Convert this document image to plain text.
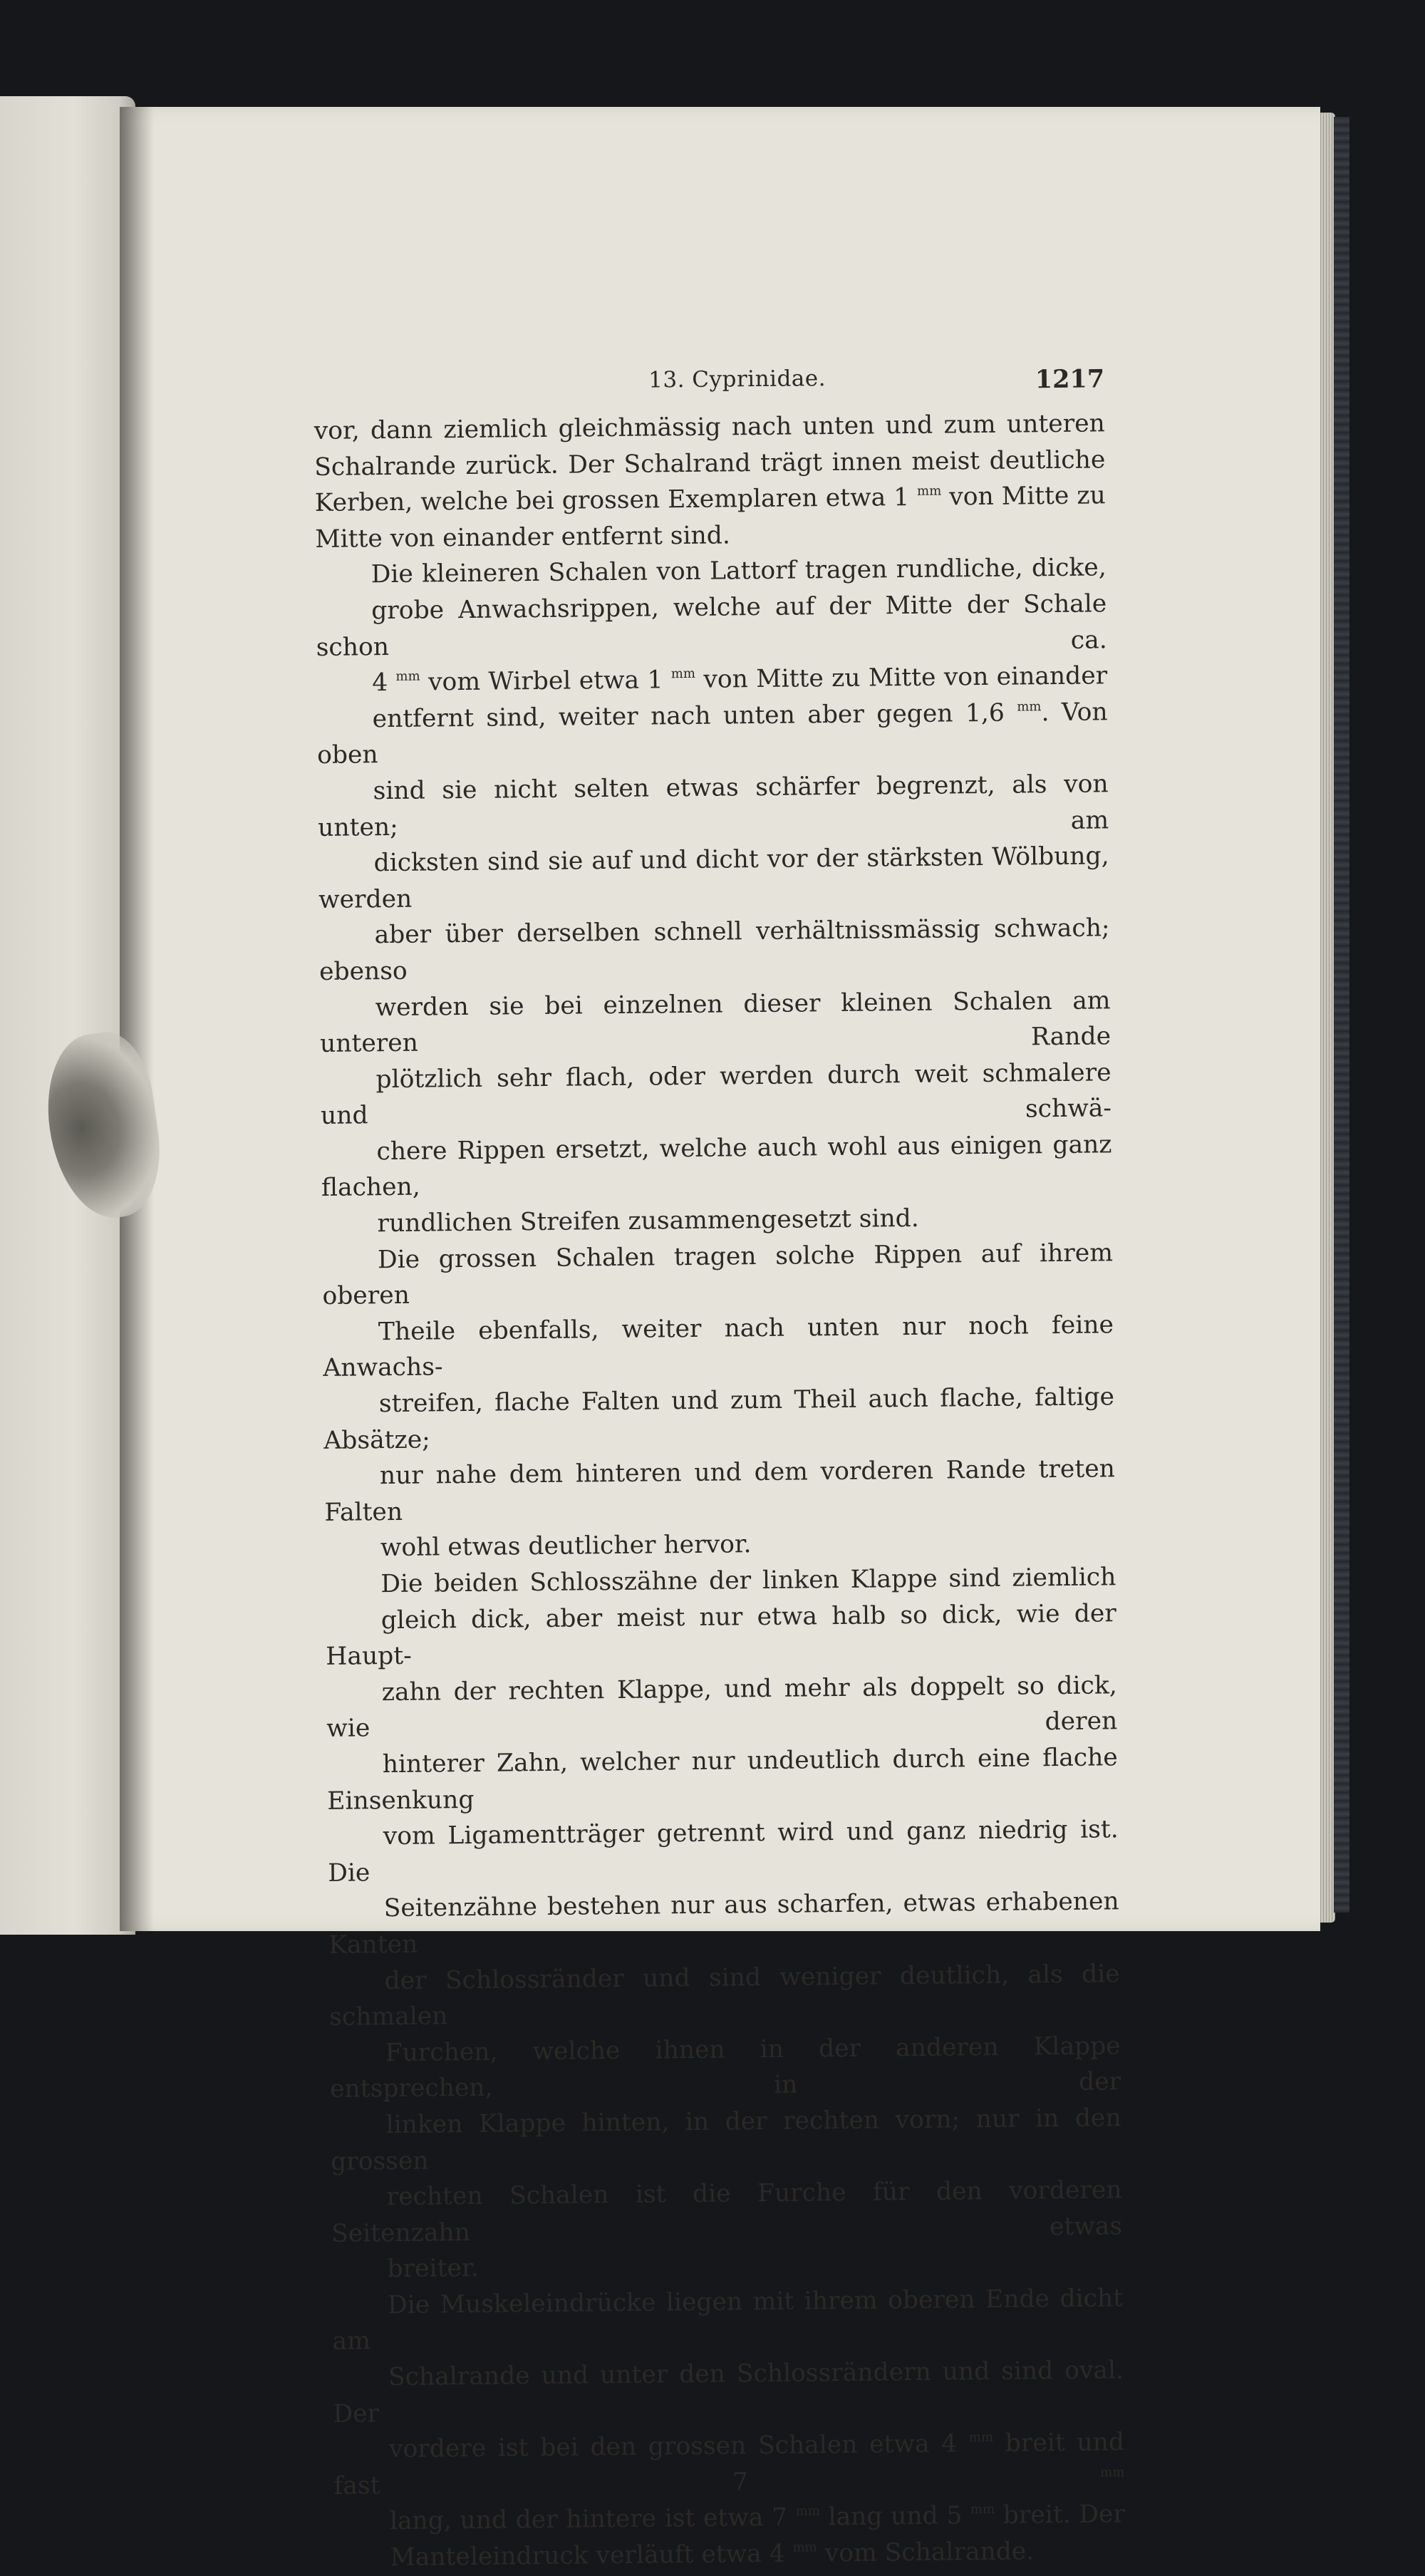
13. Cyprinidae.	1217

vor, dann ziemlich gleichmässig nach unten und zum unteren
Schalrande zurück. Der Schalrand trägt innen meist deutliche
Kerben, welche bei grossen Exemplaren etwa 1 $^{mm}$ von Mitte zu
Mitte von einander entfernt sind.

Die kleineren Schalen von Lattorf tragen rundliche, dicke,
grobe Anwachsrippen, welche auf der Mitte der Schale schon ca.
4 $^{mm}$ vom Wirbel etwa 1 $^{mm}$ von Mitte zu Mitte von einander
entfernt sind, weiter nach unten aber gegen 1,6 $^{mm}$. Von oben
sind sie nicht selten etwas schärfer begrenzt, als von unten; am
dicksten sind sie auf und dicht vor der stärksten Wölbung, werden
aber über derselben schnell verhältnissmässig schwach; ebenso
werden sie bei einzelnen dieser kleinen Schalen am unteren Rande
plötzlich sehr flach, oder werden durch weit schmalere und schwä-
chere Rippen ersetzt, welche auch wohl aus einigen ganz flachen,
rundlichen Streifen zusammengesetzt sind.

Die grossen Schalen tragen solche Rippen auf ihrem oberen
Theile ebenfalls, weiter nach unten nur noch feine Anwachs-
streifen, flache Falten und zum Theil auch flache, faltige Absätze;
nur nahe dem hinteren und dem vorderen Rande treten Falten
wohl etwas deutlicher hervor.

Die beiden Schlosszähne der linken Klappe sind ziemlich
gleich dick, aber meist nur etwa halb so dick, wie der Haupt-
zahn der rechten Klappe, und mehr als doppelt so dick, wie deren
hinterer Zahn, welcher nur undeutlich durch eine flache Einsenkung
vom Ligamentträger getrennt wird und ganz niedrig ist. Die
Seitenzähne bestehen nur aus scharfen, etwas erhabenen Kanten
der Schlossränder und sind weniger deutlich, als die schmalen
Furchen, welche ihnen in der anderen Klappe entsprechen, in der
linken Klappe hinten, in der rechten vorn; nur in den grossen
rechten Schalen ist die Furche für den vorderen Seitenzahn etwas
breiter.

Die Muskeleindrücke liegen mit ihrem oberen Ende dicht am
Schalrande und unter den Schlossrändern und sind oval. Der
vordere ist bei den grossen Schalen etwa 4 $^{mm}$ breit und fast 7 $^{mm}$
lang, und der hintere ist etwa 7 $^{mm}$ lang und 5 $^{mm}$ breit. Der
Manteleindruck verläuft etwa 4 $^{mm}$ vom Schalrande.
